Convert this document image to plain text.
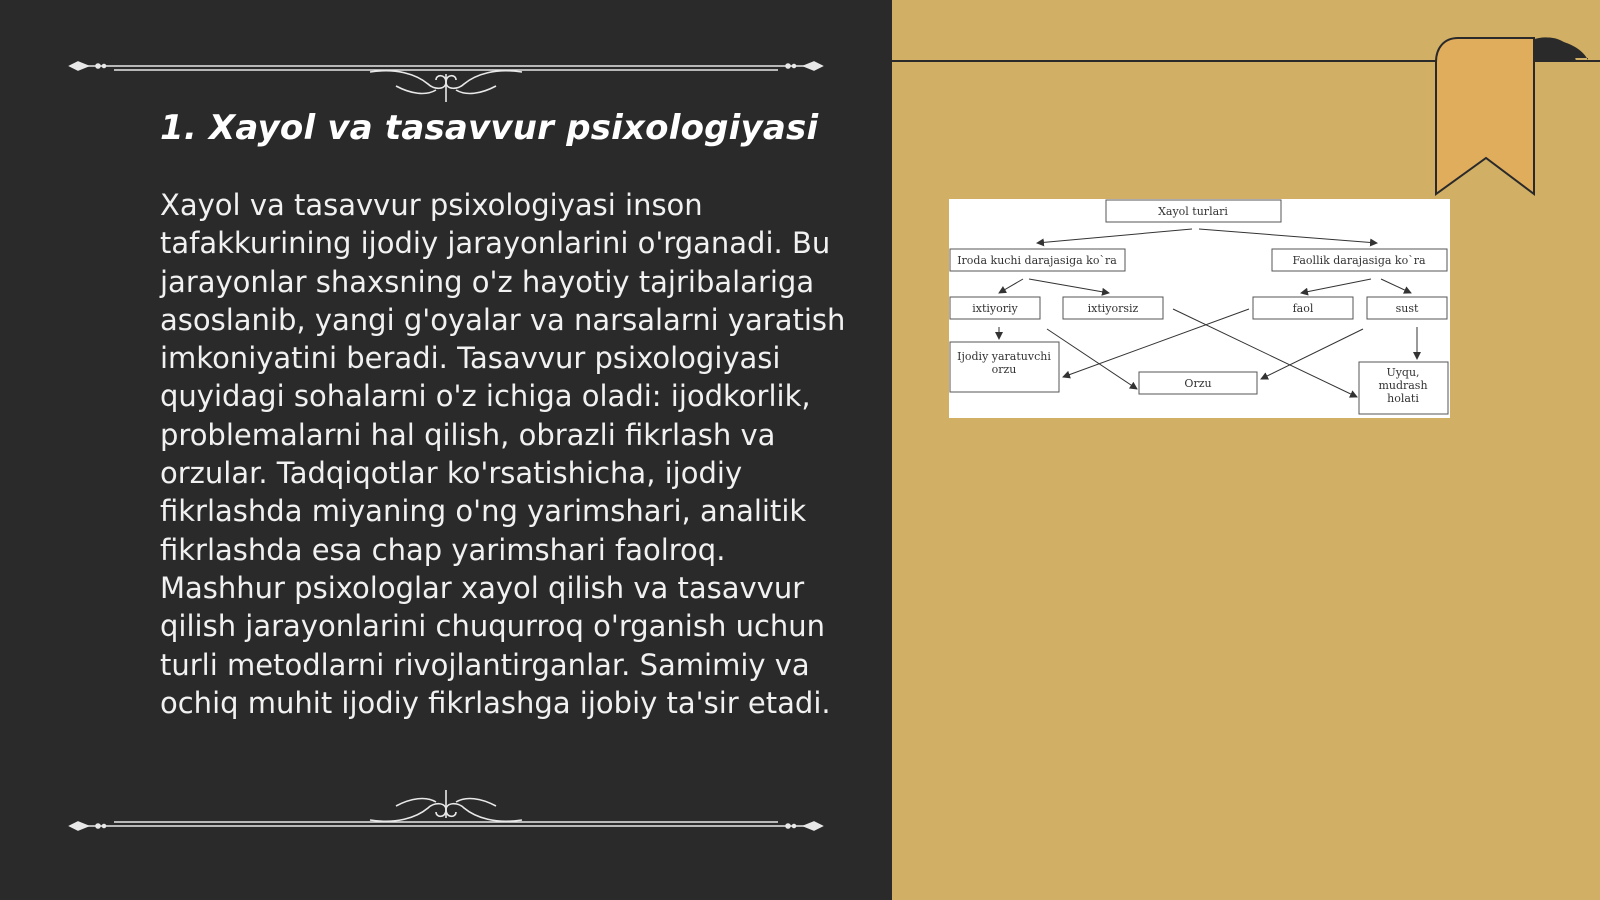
1. Xayol va tasavvur psixologiyasi

Xayol va tasavvur psixologiyasi inson tafakkurining ijodiy jarayonlarini o'rganadi. Bu jarayonlar shaxsning o'z hayotiy tajribalariga asoslanib, yangi g'oyalar va narsalarni yaratish imkoniyatini beradi. Tasavvur psixologiyasi quyidagi sohalarni o'z ichiga oladi: ijodkorlik, problemalarni hal qilish, obrazli fikrlash va orzular. Tadqiqotlar ko'rsatishicha, ijodiy fikrlashda miyaning o'ng yarimshari, analitik fikrlashda esa chap yarimshari faolroq. Mashhur psixologlar xayol qilish va tasavvur qilish jarayonlarini chuqurroq o'rganish uchun turli metodlarni rivojlantirganlar. Samimiy va ochiq muhit ijodiy fikrlashga ijobiy ta'sir etadi.

Xayol turlari
Iroda kuchi darajasiga ko`ra	Faollik darajasiga ko`ra
ixtiyoriy	ixtiyorsiz	faol	sust
Ijodiy yaratuvchi
orzu
Orzu
Uyqu,
mudrash
holati
